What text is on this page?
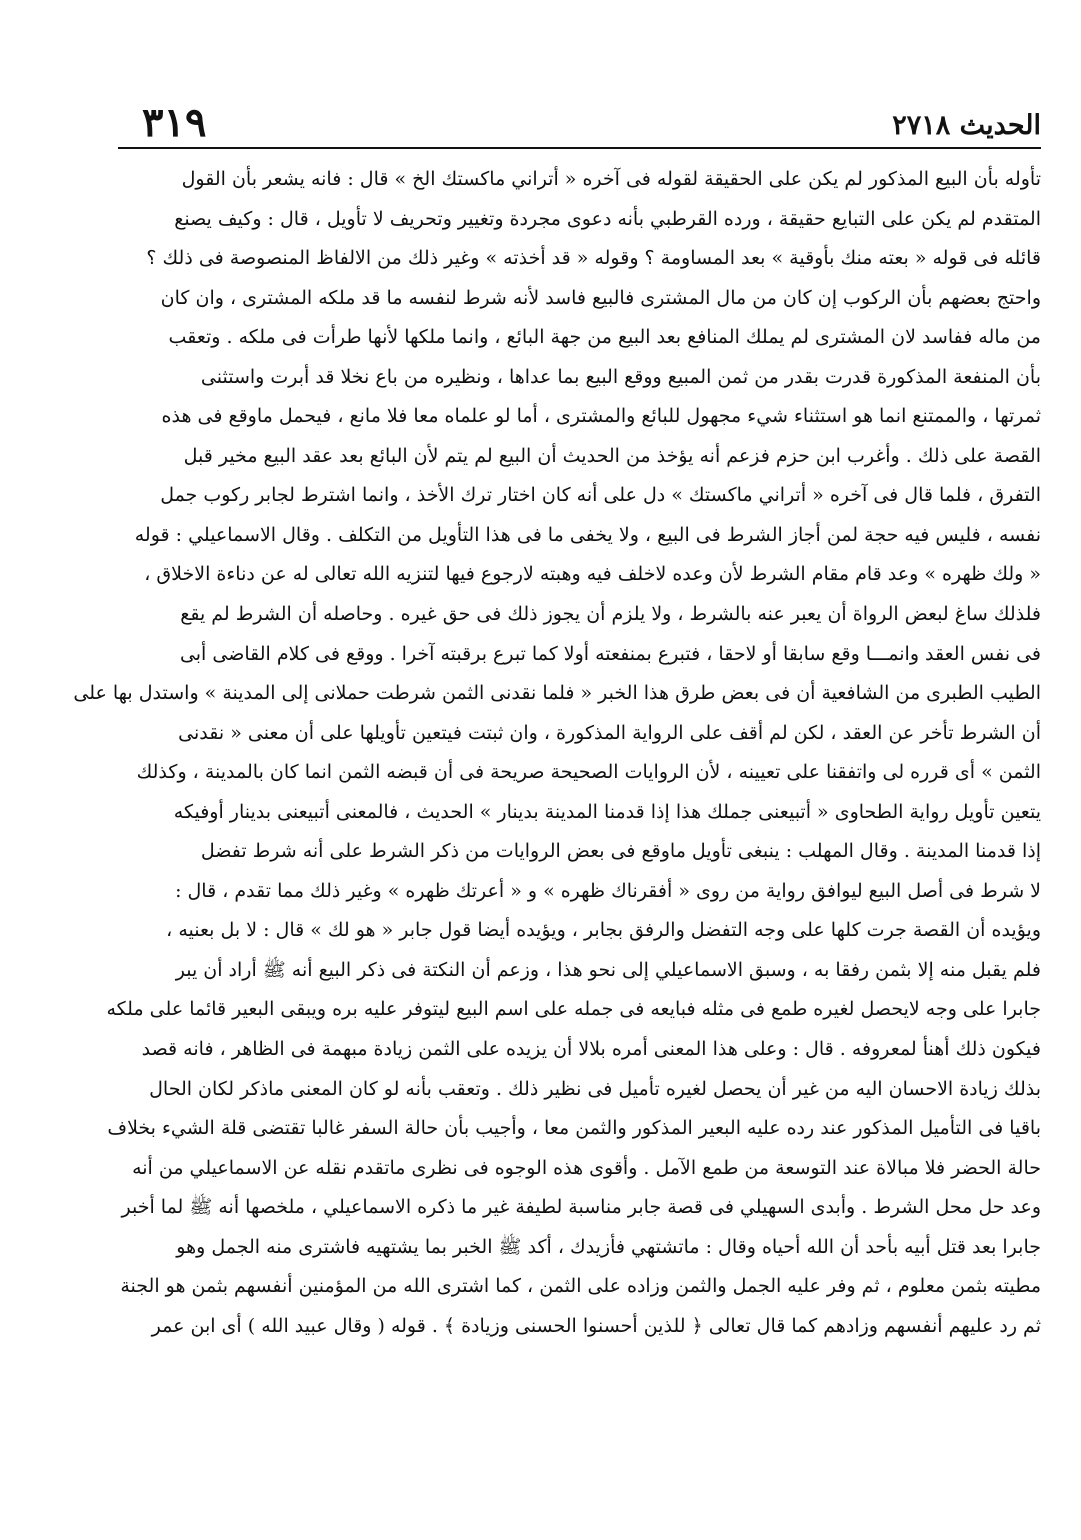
٣١٩	الحديث ٢٧١٨
تأوله بأن البيع المذكور لم يكن على الحقيقة لقوله فى آخره « أتراني ماكستك الخ » قال : فانه يشعر بأن القول
المتقدم لم يكن على التبايع حقيقة ، ورده القرطبي بأنه دعوى مجردة وتغيير وتحريف لا تأويل ، قال : وكيف يصنع
قائله فى قوله « بعته منك بأوقية » بعد المساومة ؟ وقوله « قد أخذته » وغير ذلك من الالفاظ المنصوصة فى ذلك ؟
واحتج بعضهم بأن الركوب إن كان من مال المشترى فالبيع فاسد لأنه شرط لنفسه ما قد ملكه المشترى ، وان كان
من ماله ففاسد لان المشترى لم يملك المنافع بعد البيع من جهة البائع ، وانما ملكها لأنها طرأت فى ملكه . وتعقب
بأن المنفعة المذكورة قدرت بقدر من ثمن المبيع ووقع البيع بما عداها ، ونظيره من باع نخلا قد أبرت واستثنى
ثمرتها ، والممتنع انما هو استثناء شيء مجهول للبائع والمشترى ، أما لو علماه معا فلا مانع ، فيحمل ماوقع فى هذه
القصة على ذلك . وأغرب ابن حزم فزعم أنه يؤخذ من الحديث أن البيع لم يتم لأن البائع بعد عقد البيع مخير قبل
التفرق ، فلما قال فى آخره « أتراني ماكستك » دل على أنه كان اختار ترك الأخذ ، وانما اشترط لجابر ركوب جمل
نفسه ، فليس فيه حجة لمن أجاز الشرط فى البيع ، ولا يخفى ما فى هذا التأويل من التكلف . وقال الاسماعيلي : قوله
« ولك ظهره » وعد قام مقام الشرط لأن وعده لاخلف فيه وهبته لارجوع فيها لتنزيه الله تعالى له عن دناءة الاخلاق ،
فلذلك ساغ لبعض الرواة أن يعبر عنه بالشرط ، ولا يلزم أن يجوز ذلك فى حق غيره . وحاصله أن الشرط لم يقع
فى نفس العقد وانمـــا وقع سابقا أو لاحقا ، فتبرع بمنفعته أولا كما تبرع برقبته آخرا . ووقع فى كلام القاضى أبى
الطيب الطبرى من الشافعية أن فى بعض طرق هذا الخبر « فلما نقدنى الثمن شرطت حملانى إلى المدينة » واستدل بها على
أن الشرط تأخر عن العقد ، لكن لم أقف على الرواية المذكورة ، وان ثبتت فيتعين تأويلها على أن معنى « نقدنى
الثمن » أى قرره لى واتفقنا على تعيينه ، لأن الروايات الصحيحة صريحة فى أن قبضه الثمن انما كان بالمدينة ، وكذلك
يتعين تأويل رواية الطحاوى « أتبيعنى جملك هذا إذا قدمنا المدينة بدينار » الحديث ، فالمعنى أتبيعنى بدينار أوفيكه
إذا قدمنا المدينة . وقال المهلب : ينبغى تأويل ماوقع فى بعض الروايات من ذكر الشرط على أنه شرط تفضل
لا شرط فى أصل البيع ليوافق رواية من روى « أفقرناك ظهره » و « أعرتك ظهره » وغير ذلك مما تقدم ، قال :
ويؤيده أن القصة جرت كلها على وجه التفضل والرفق بجابر ، ويؤيده أيضا قول جابر « هو لك » قال : لا بل بعنيه ،
فلم يقبل منه إلا بثمن رفقا به ، وسبق الاسماعيلي إلى نحو هذا ، وزعم أن النكتة فى ذكر البيع أنه ﷺ أراد أن يبر
جابرا على وجه لايحصل لغيره طمع فى مثله فبايعه فى جمله على اسم البيع ليتوفر عليه بره ويبقى البعير قائما على ملكه
فيكون ذلك أهنأ لمعروفه . قال : وعلى هذا المعنى أمره بلالا أن يزيده على الثمن زيادة مبهمة فى الظاهر ، فانه قصد
بذلك زيادة الاحسان اليه من غير أن يحصل لغيره تأميل فى نظير ذلك . وتعقب بأنه لو كان المعنى ماذكر لكان الحال
باقيا فى التأميل المذكور عند رده عليه البعير المذكور والثمن معا ، وأجيب بأن حالة السفر غالبا تقتضى قلة الشيء بخلاف
حالة الحضر فلا مبالاة عند التوسعة من طمع الآمل . وأقوى هذه الوجوه فى نظرى ماتقدم نقله عن الاسماعيلي من أنه
وعد حل محل الشرط . وأبدى السهيلي فى قصة جابر مناسبة لطيفة غير ما ذكره الاسماعيلي ، ملخصها أنه ﷺ لما أخبر
جابرا بعد قتل أبيه بأحد أن الله أحياه وقال : ماتشتهي فأزيدك ، أكد ﷺ الخبر بما يشتهيه فاشترى منه الجمل وهو
مطيته بثمن معلوم ، ثم وفر عليه الجمل والثمن وزاده على الثمن ، كما اشترى الله من المؤمنين أنفسهم بثمن هو الجنة
ثم رد عليهم أنفسهم وزادهم كما قال تعالى ﴿ للذين أحسنوا الحسنى وزيادة ﴾ . قوله ( وقال عبيد الله ) أى ابن عمر
